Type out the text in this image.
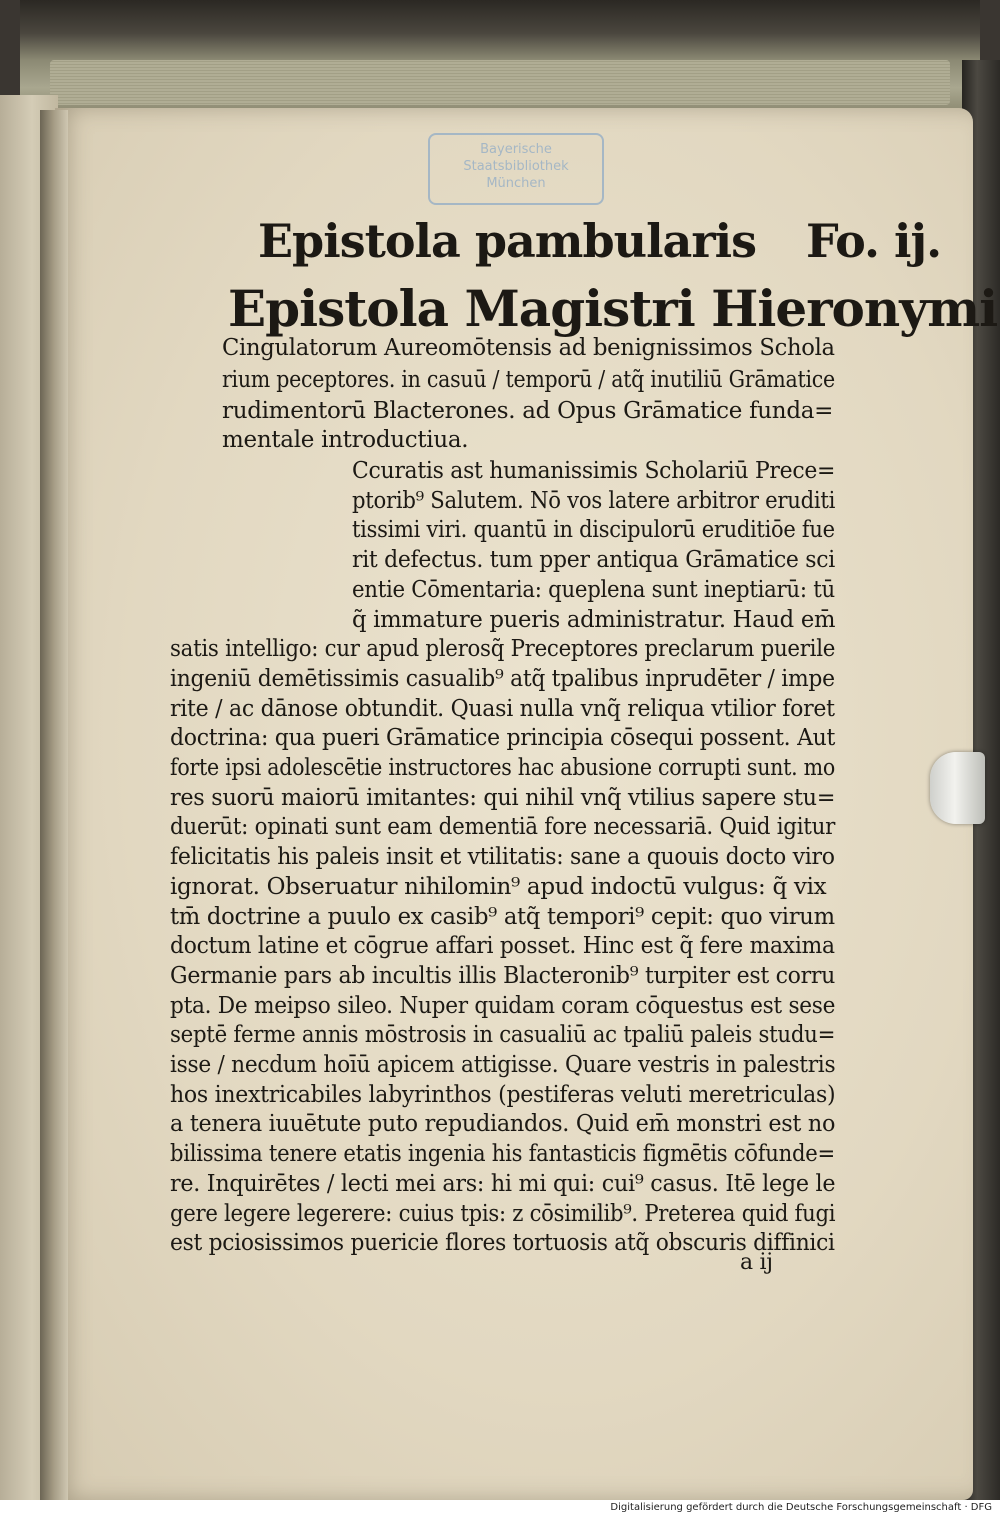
Bayerische
Staatsbibliothek
München
Epistola pambularis Fo. ij.
Epistola Magistri Hieronymi
Cingulatorum Aureomōtensis ad benignissimos Schola
rium peceptores. in casuū / temporū / atq̃ inutiliū Grāmatice
rudimentorū Blacterones. ad Opus Grāmatice funda=
mentale introductiua.
Ccuratis ast humanissimis Scholariū Prece=
ptorib⁹ Salutem. Nō vos latere arbitror eruditi
tissimi viri. quantū in discipulorū eruditiōe fue
rit defectus. tum pper antiqua Grāmatice sci
entie Cōmentaria: queplena sunt ineptiarū: tū
q̃ immature pueris administratur. Haud em̄
satis intelligo: cur apud plerosq̃ Preceptores preclarum puerile
ingeniū demētissimis casualib⁹ atq̃ tpalibus inprudēter / impe
rite / ac dānose obtundit. Quasi nulla vnq̃ reliqua vtilior foret
doctrina: qua pueri Grāmatice principia cōsequi possent. Aut
forte ipsi adolescētie instructores hac abusione corrupti sunt. mo
res suorū maiorū imitantes: qui nihil vnq̃ vtilius sapere stu=
duerūt: opinati sunt eam dementiā fore necessariā. Quid igitur
felicitatis his paleis insit et vtilitatis: sane a quouis docto viro
ignorat. Obseruatur nihilomin⁹ apud indoctū vulgus: q̃ vix
tm̄ doctrine a puulo ex casib⁹ atq̃ tempori⁹ cepit: quo virum
doctum latine et cōgrue affari posset. Hinc est q̃ fere maxima
Germanie pars ab incultis illis Blacteronib⁹ turpiter est corru
pta. De meipso sileo. Nuper quidam coram cōquestus est sese
septē ferme annis mōstrosis in casualiū ac tpaliū paleis studu=
isse / necdum hoīū apicem attigisse. Quare vestris in palestris
hos inextricabiles labyrinthos (pestiferas veluti meretriculas)
a tenera iuuētute puto repudiandos. Quid em̄ monstri est no
bilissima tenere etatis ingenia his fantasticis figmētis cōfunde=
re. Inquirētes / lecti mei ars: hi mi qui: cui⁹ casus. Itē lege le
gere legere legerere: cuius tpis: z cōsimilib⁹. Preterea quid fugi
est pciosissimos puericie flores tortuosis atq̃ obscuris diffinici
a ij
Digitalisierung gefördert durch die Deutsche Forschungsgemeinschaft · DFG
